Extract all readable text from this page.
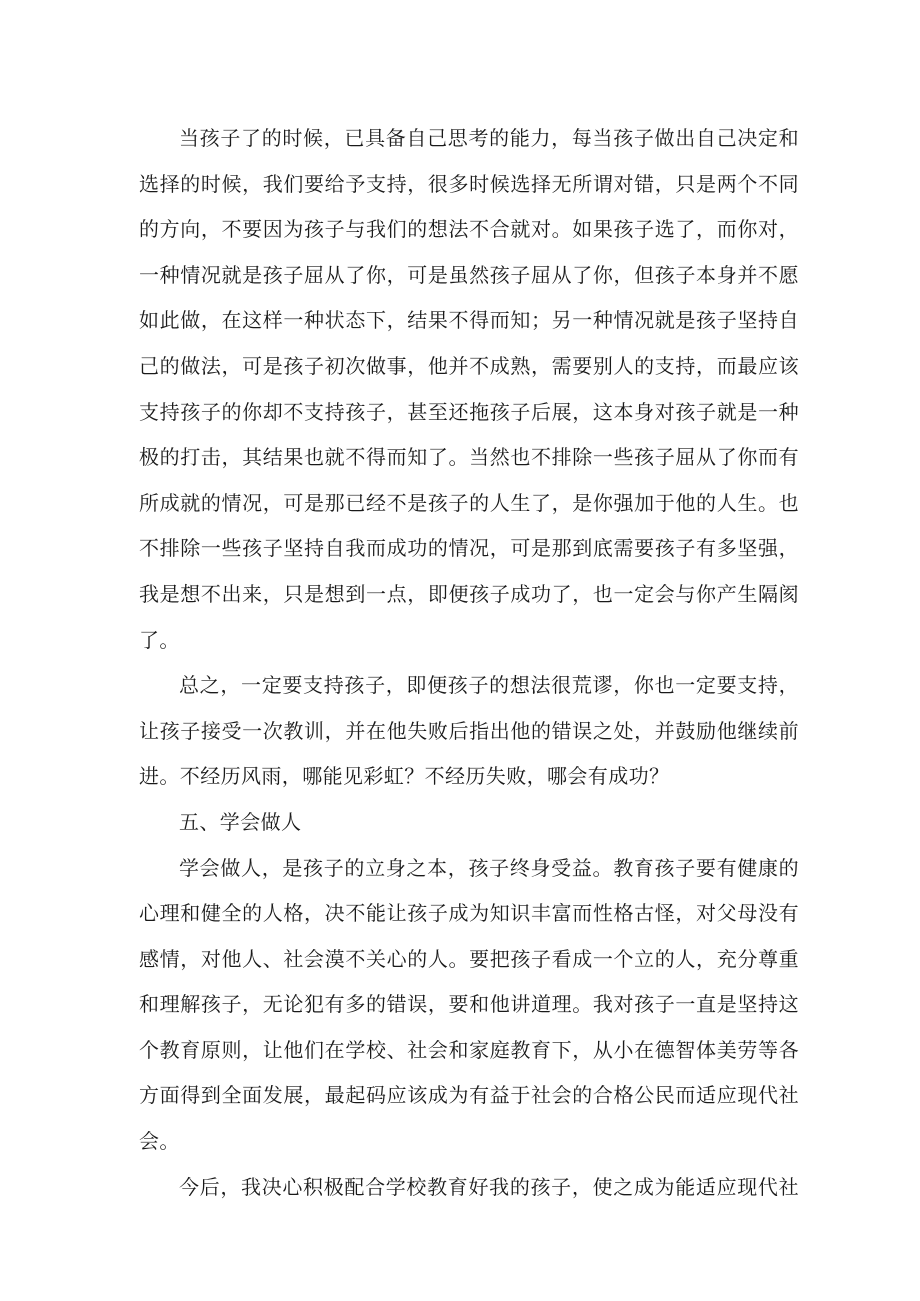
当孩子了的时候，已具备自己思考的能力，每当孩子做出自己决定和选择的时候，我们要给予支持，很多时候选择无所谓对错，只是两个不同的方向，不要因为孩子与我们的想法不合就对。如果孩子选了，而你对，一种情况就是孩子屈从了你，可是虽然孩子屈从了你，但孩子本身并不愿如此做，在这样一种状态下，结果不得而知；另一种情况就是孩子坚持自己的做法，可是孩子初次做事，他并不成熟，需要别人的支持，而最应该支持孩子的你却不支持孩子，甚至还拖孩子后展，这本身对孩子就是一种极的打击，其结果也就不得而知了。当然也不排除一些孩子屈从了你而有所成就的情况，可是那已经不是孩子的人生了，是你强加于他的人生。也不排除一些孩子坚持自我而成功的情况，可是那到底需要孩子有多坚强，我是想不出来，只是想到一点，即便孩子成功了，也一定会与你产生隔阂了。

总之，一定要支持孩子，即便孩子的想法很荒谬，你也一定要支持，让孩子接受一次教训，并在他失败后指出他的错误之处，并鼓励他继续前进。不经历风雨，哪能见彩虹？不经历失败，哪会有成功？

五、学会做人

学会做人，是孩子的立身之本，孩子终身受益。教育孩子要有健康的心理和健全的人格，决不能让孩子成为知识丰富而性格古怪，对父母没有感情，对他人、社会漠不关心的人。要把孩子看成一个立的人，充分尊重和理解孩子，无论犯有多的错误，要和他讲道理。我对孩子一直是坚持这个教育原则，让他们在学校、社会和家庭教育下，从小在德智体美劳等各方面得到全面发展，最起码应该成为有益于社会的合格公民而适应现代社会。

今后，我决心积极配合学校教育好我的孩子，使之成为能适应现代社
